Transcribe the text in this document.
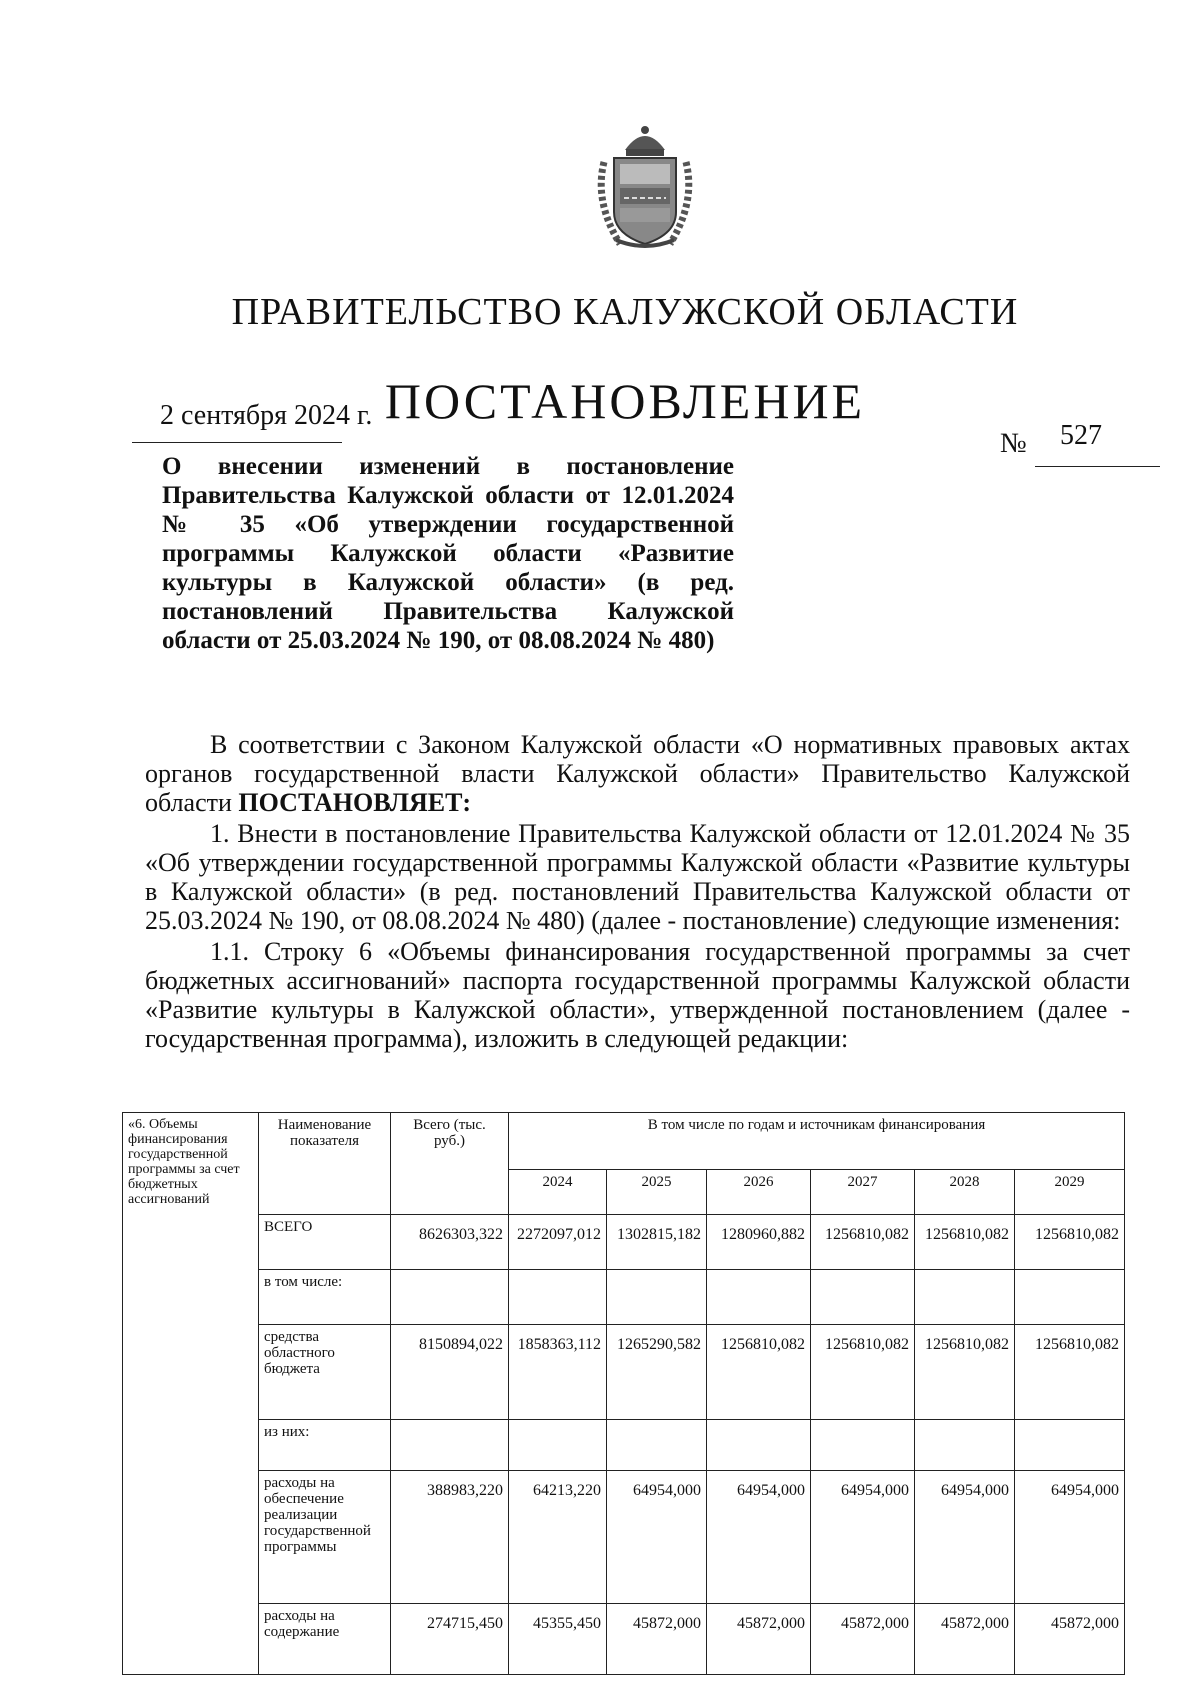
ПРАВИТЕЛЬСТВО КАЛУЖСКОЙ ОБЛАСТИ
ПОСТАНОВЛЕНИЕ
2 сентября 2024 г.
№ 527
О внесении изменений в постановление Правительства Калужской области от 12.01.2024 № 35 «Об утверждении государственной программы Калужской области «Развитие культуры в Калужской области» (в ред. постановлений Правительства Калужской области от 25.03.2024 № 190, от 08.08.2024 № 480)

В соответствии с Законом Калужской области «О нормативных правовых актах органов государственной власти Калужской области» Правительство Калужской области ПОСТАНОВЛЯЕТ:

1. Внести в постановление Правительства Калужской области от 12.01.2024 № 35 «Об утверждении государственной программы Калужской области «Развитие культуры в Калужской области» (в ред. постановлений Правительства Калужской области от 25.03.2024 № 190, от 08.08.2024 № 480) (далее - постановление) следующие изменения:

1.1. Строку 6 «Объемы финансирования государственной программы за счет бюджетных ассигнований» паспорта государственной программы Калужской области «Развитие культуры в Калужской области», утвержденной постановлением (далее - государственная программа), изложить в следующей редакции:

«6. Объемы финансирования государственной программы за счет бюджетных ассигнований	Наименование показателя	Всего (тыс. руб.)	В том числе по годам и источникам финансирования					
			2024	2025	2026	2027	2028	2029
	ВСЕГО	8626303,322	2272097,012	1302815,182	1280960,882	1256810,082	1256810,082	1256810,082
	в том числе:							
	средства областного бюджета	8150894,022	1858363,112	1265290,582	1256810,082	1256810,082	1256810,082	1256810,082
	из них:							
	расходы на обеспечение реализации государственной программы	388983,220	64213,220	64954,000	64954,000	64954,000	64954,000	64954,000
	расходы на содержание	274715,450	45355,450	45872,000	45872,000	45872,000	45872,000	45872,000
